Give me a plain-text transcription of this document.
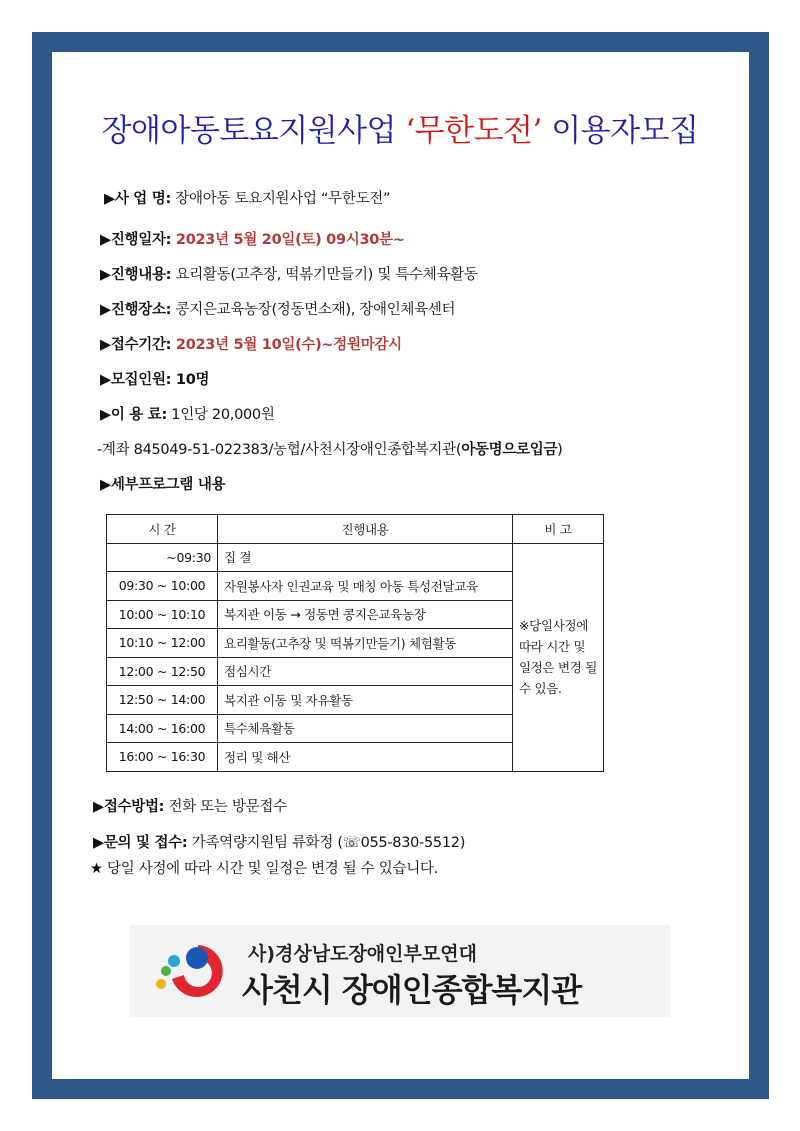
장애아동토요지원사업 ‘무한도전’ 이용자모집
▶사 업 명: 장애아동 토요지원사업 “무한도전”
▶진행일자: 2023년 5월 20일(토) 09시30분~
▶진행내용: 요리활동(고추장, 떡볶기만들기) 및 특수체육활동
▶진행장소: 콩지은교육농장(정동면소재), 장애인체육센터
▶접수기간: 2023년 5월 10일(수)~정원마감시
▶모집인원: 10명
▶이 용 료: 1인당 20,000원
-계좌 845049-51-022383/농협/사천시장애인종합복지관(아동명으로입금)
▶세부프로그램 내용
시 간	진행내용	비 고
~09:30	집 결	※당일사정에 따라 시간 및 일정은 변경 될 수 있음.
09:30 ~ 10:00	자원봉사자 인권교육 및 매칭 아동 특성전달교육	
10:00 ~ 10:10	복지관 이동 → 정동면 콩지은교육농장	
10:10 ~ 12:00	요리활동(고추장 및 떡볶기만들기) 체험활동	
12:00 ~ 12:50	점심시간	
12:50 ~ 14:00	복지관 이동 및 자유활동	
14:00 ~ 16:00	특수체육활동	
16:00 ~ 16:30	정리 및 해산	
▶접수방법: 전화 또는 방문접수
▶문의 및 접수: 가족역량지원팀 류화정 (☏055-830-5512)
★ 당일 사정에 따라 시간 및 일정은 변경 될 수 있습니다.
사)경상남도장애인부모연대
사천시 장애인종합복지관
